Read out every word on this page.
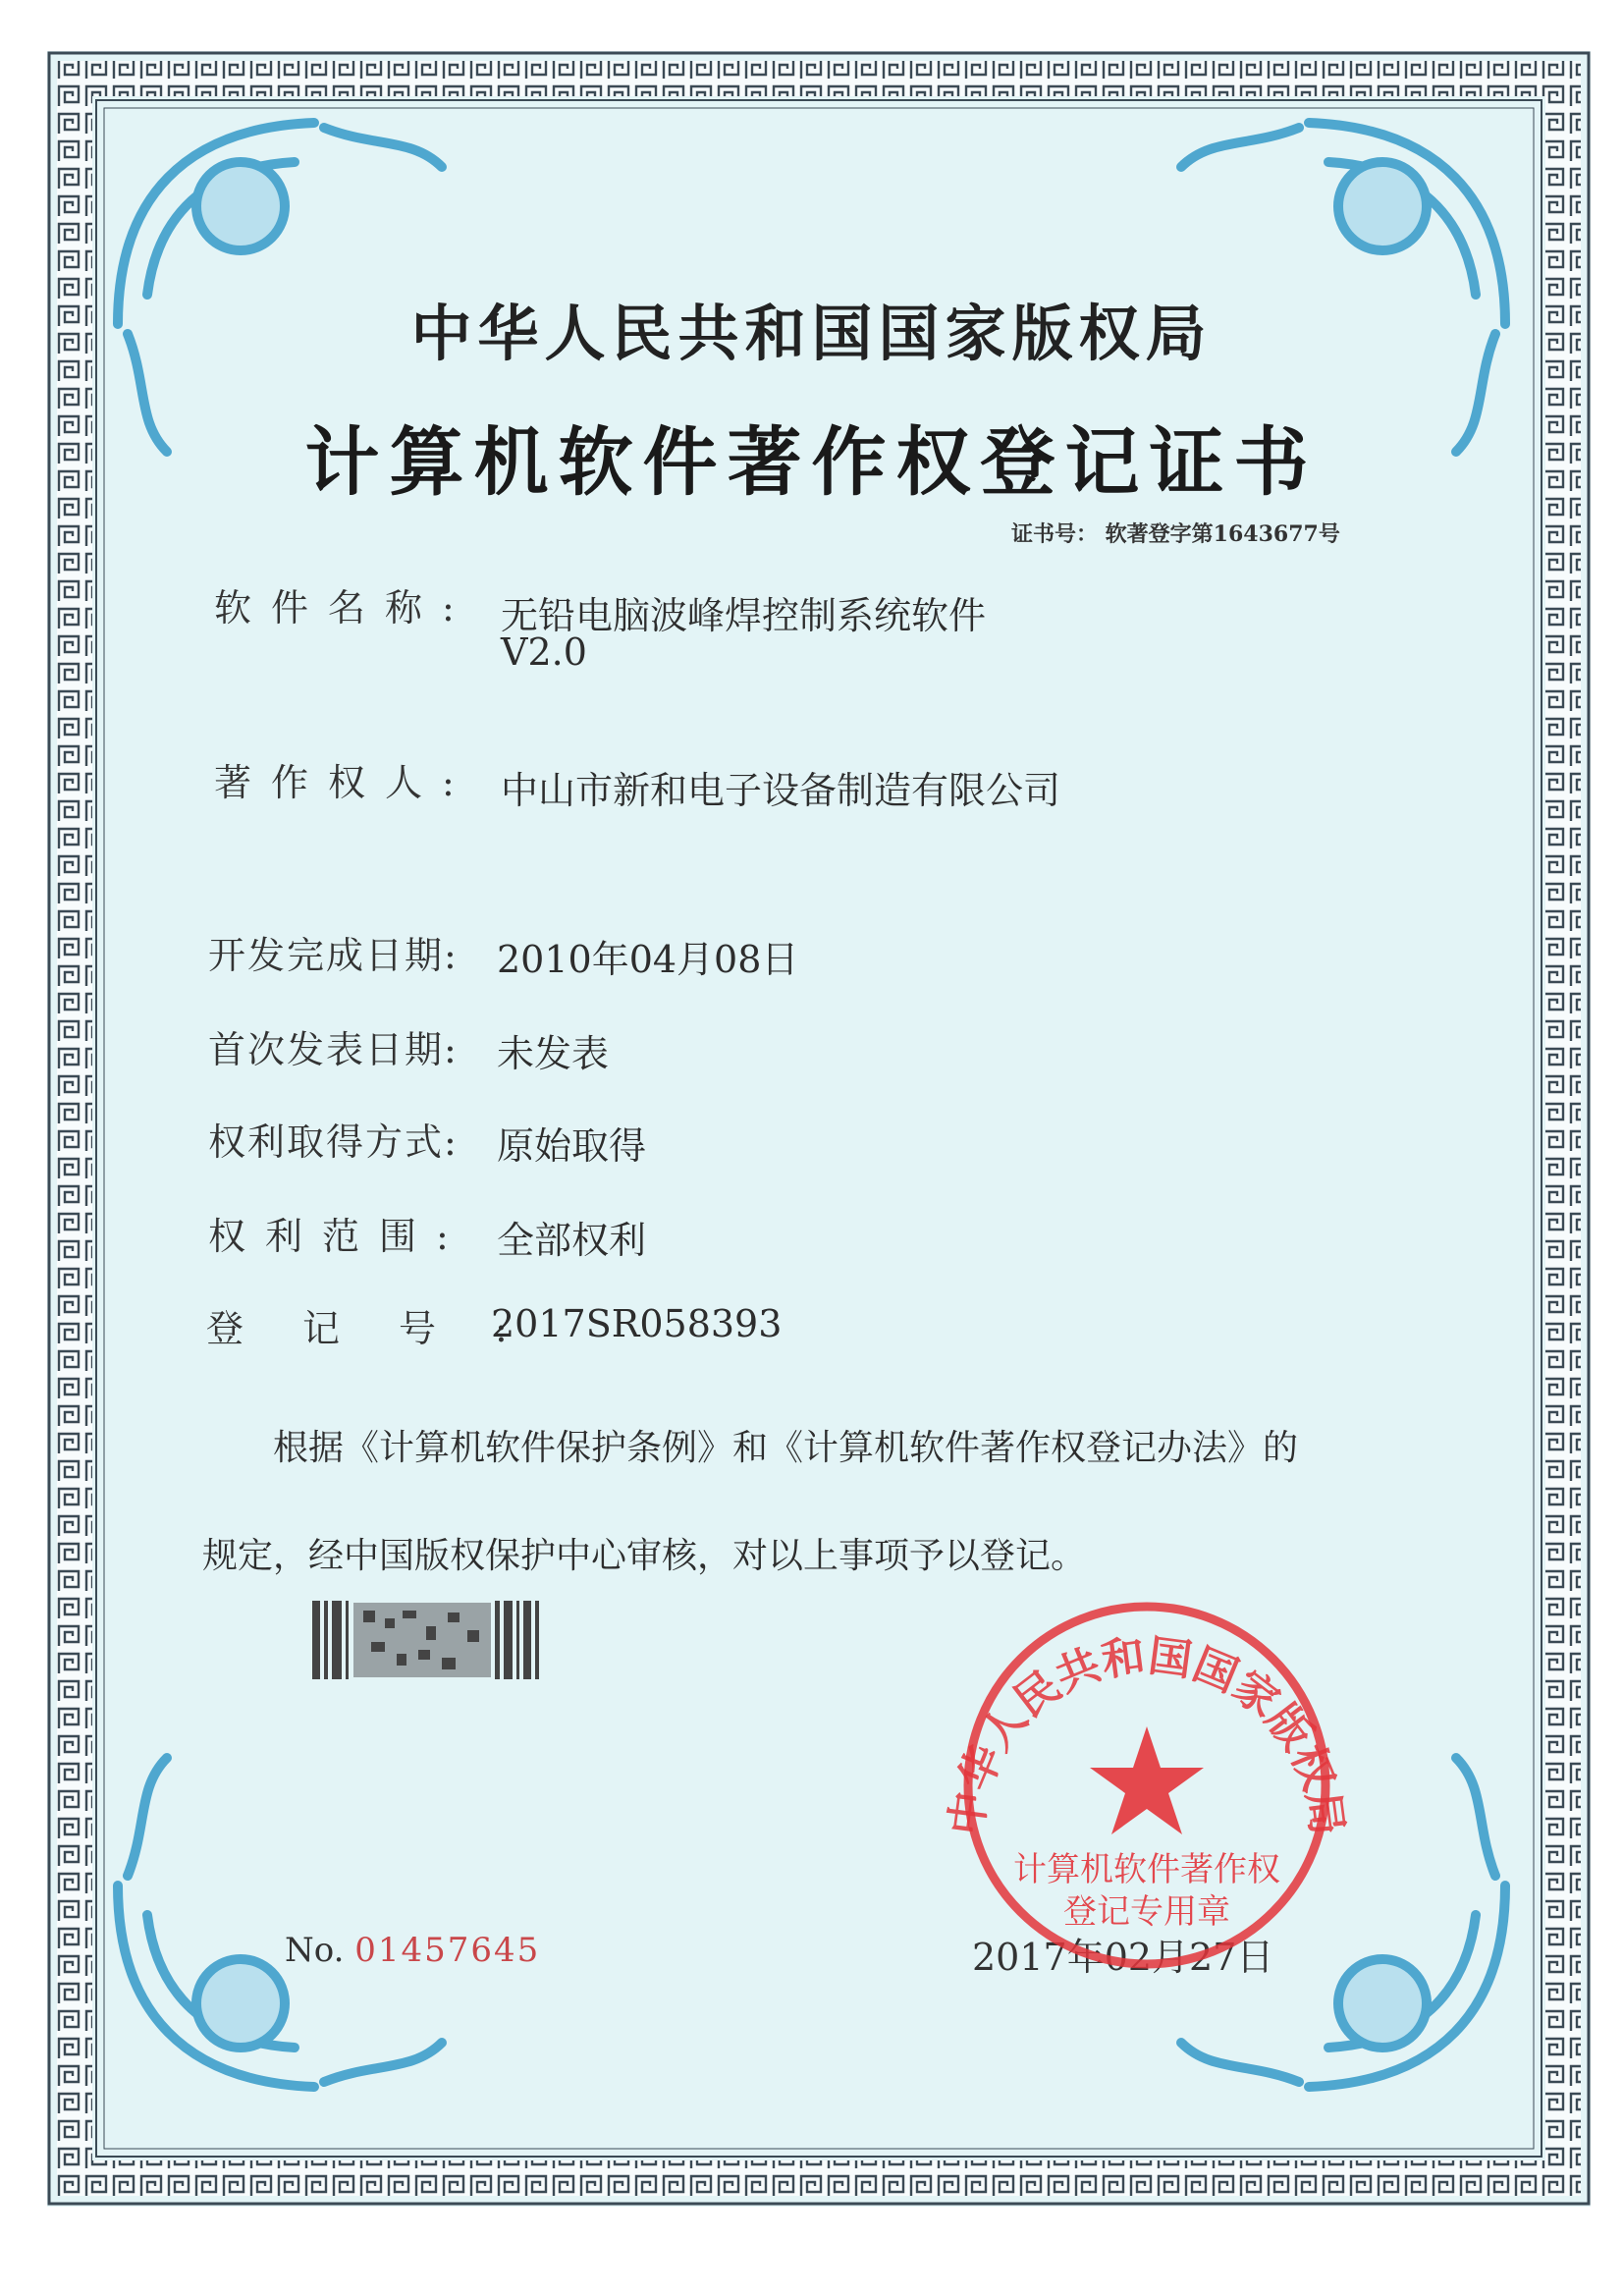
中华人民共和国国家版权局
计算机软件著作权登记证书
证书号： 软著登字第1643677号
软件名称: 无铅电脑波峰焊控制系统软件
V2.0
著作权人: 中山市新和电子设备制造有限公司
开发完成日期: 2010年04月08日
首次发表日期: 未发表
权利取得方式: 原始取得
权利范围: 全部权利
登记号:
2017SR058393
根据《计算机软件保护条例》和《计算机软件著作权登记办法》的
规定，经中国版权保护中心审核，对以上事项予以登记。
No. 01457645	2017年02月27日
中华人民共和国国家版权局
计算机软件著作权
登记专用章
